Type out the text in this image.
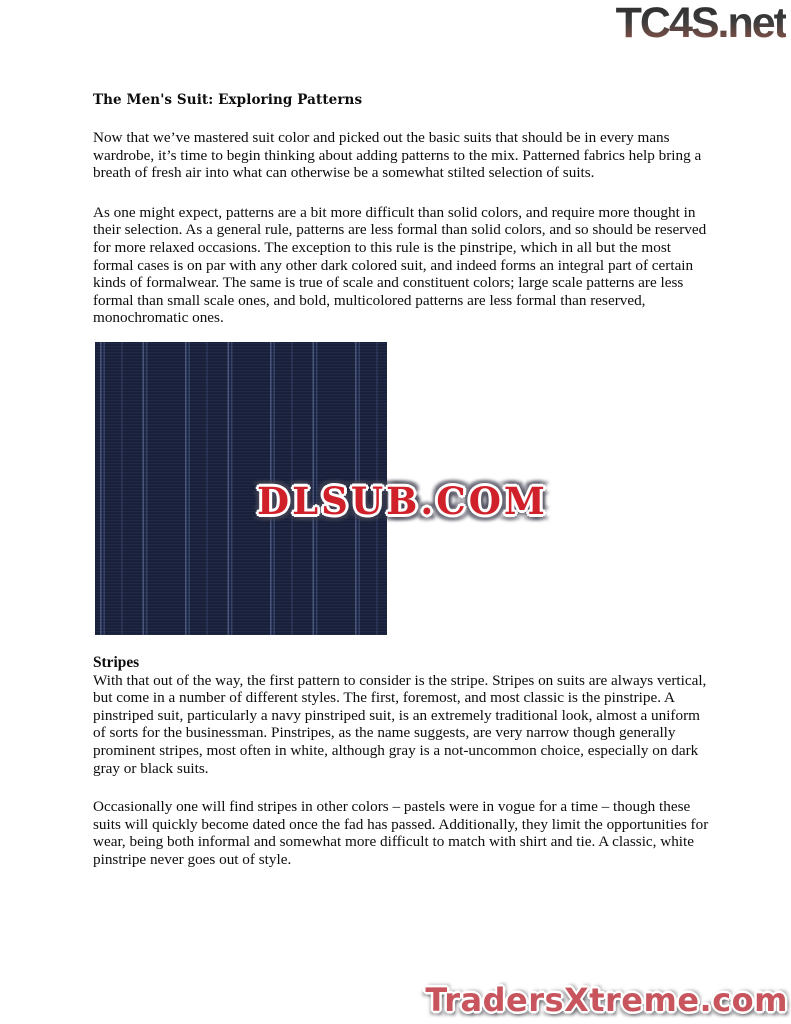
TC4S.net
The Men's Suit: Exploring Patterns

Now that we’ve mastered suit color and picked out the basic suits that should be in every mans wardrobe, it’s time to begin thinking about adding patterns to the mix. Patterned fabrics help bring a breath of fresh air into what can otherwise be a somewhat stilted selection of suits.

As one might expect, patterns are a bit more difficult than solid colors, and require more thought in their selection. As a general rule, patterns are less formal than solid colors, and so should be reserved for more relaxed occasions. The exception to this rule is the pinstripe, which in all but the most formal cases is on par with any other dark colored suit, and indeed forms an integral part of certain kinds of formalwear. The same is true of scale and constituent colors; large scale patterns are less formal than small scale ones, and bold, multicolored patterns are less formal than reserved, monochromatic ones.

Stripes

With that out of the way, the first pattern to consider is the stripe. Stripes on suits are always vertical, but come in a number of different styles. The first, foremost, and most classic is the pinstripe. A pinstriped suit, particularly a navy pinstriped suit, is an extremely traditional look, almost a uniform of sorts for the businessman. Pinstripes, as the name suggests, are very narrow though generally prominent stripes, most often in white, although gray is a not-uncommon choice, especially on dark gray or black suits.

Occasionally one will find stripes in other colors – pastels were in vogue for a time – though these suits will quickly become dated once the fad has passed. Additionally, they limit the opportunities for wear, being both informal and somewhat more difficult to match with shirt and tie. A classic, white pinstripe never goes out of style.

DLSUB.COM
TradersXtreme.com
